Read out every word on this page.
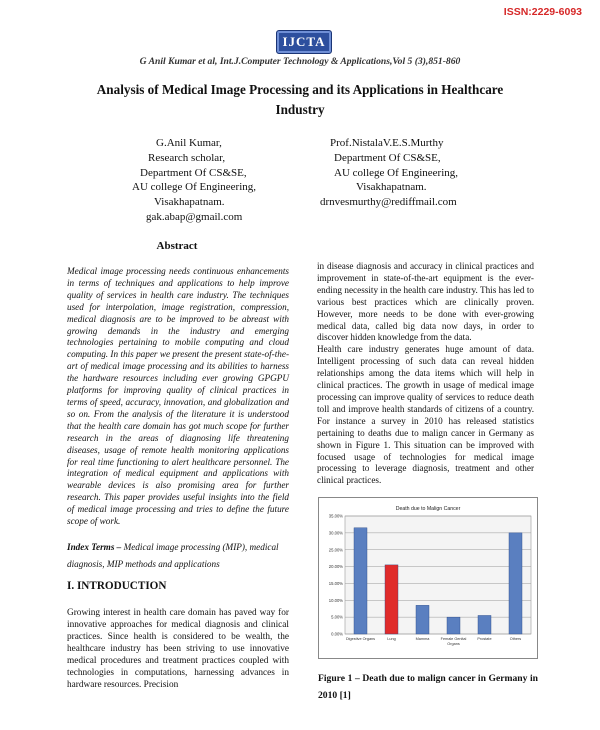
ISSN:2229-6093
IJCTA
G Anil Kumar et al, Int.J.Computer Technology & Applications,Vol 5 (3),851-860
Analysis of Medical Image Processing and its Applications in Healthcare
Industry
G.Anil Kumar,
Research scholar,
Department Of CS&SE,
AU college Of Engineering,
Visakhapatnam.
gak.abap@gmail.com
Prof.NistalaV.E.S.Murthy
Department Of CS&SE,
AU college Of Engineering,
Visakhapatnam.
drnvesmurthy@rediffmail.com
Abstract
Medical image processing needs continuous enhancements in terms of techniques and applications to help improve quality of services in health care industry. The techniques used for interpolation, image registration, compression, medical diagnosis are to be improved to be abreast with growing demands in the industry and emerging technologies pertaining to mobile computing and cloud computing. In this paper we present the present state-of-the-art of medical image processing and its abilities to harness the hardware resources including ever growing GPGPU platforms for improving quality of clinical practices in terms of speed, accuracy, innovation, and globalization and so on. From the analysis of the literature it is understood that the health care domain has got much scope for further research in the areas of diagnosing life threatening diseases, usage of remote health monitoring applications for real time functioning to alert healthcare personnel. The integration of medical equipment and applications with wearable devices is also promising area for further research. This paper provides useful insights into the field of medical image processing and tries to define the future scope of work.
Index Terms – Medical image processing (MIP), medical diagnosis, MIP methods and applications
I. INTRODUCTION
Growing interest in health care domain has paved way for innovative approaches for medical diagnosis and clinical practices. Since health is considered to be wealth, the healthcare industry has been striving to use innovative medical procedures and treatment practices coupled with technologies in computations, harnessing advances in hardware resources. Precision

in disease diagnosis and accuracy in clinical practices and improvement in state-of-the-art equipment is the ever-ending necessity in the health care industry. This has led to various best practices which are clinically proven. However, more needs to be done with ever-growing medical data, called big data now days, in order to discover hidden knowledge from the data.

Health care industry generates huge amount of data. Intelligent processing of such data can reveal hidden relationships among the data items which will help in clinical practices. The growth in usage of medical image processing can improve quality of services to reduce death toll and improve health standards of citizens of a country. For instance a survey in 2010 has released statistics pertaining to deaths due to malign cancer in Germany as shown in Figure 1. This situation can be improved with focused usage of technologies for medical image processing to leverage diagnosis, treatment and other clinical practices.

Death due to Malign Cancer
0.00%
5.00%
10.00%
15.00%
20.00%
25.00%
30.00%
35.00%
Digestive Organs	Lung	Mamma	Female Genital
Organs
Prostate	Others
Figure 1 – Death due to malign cancer in Germany in 2010 [1]
